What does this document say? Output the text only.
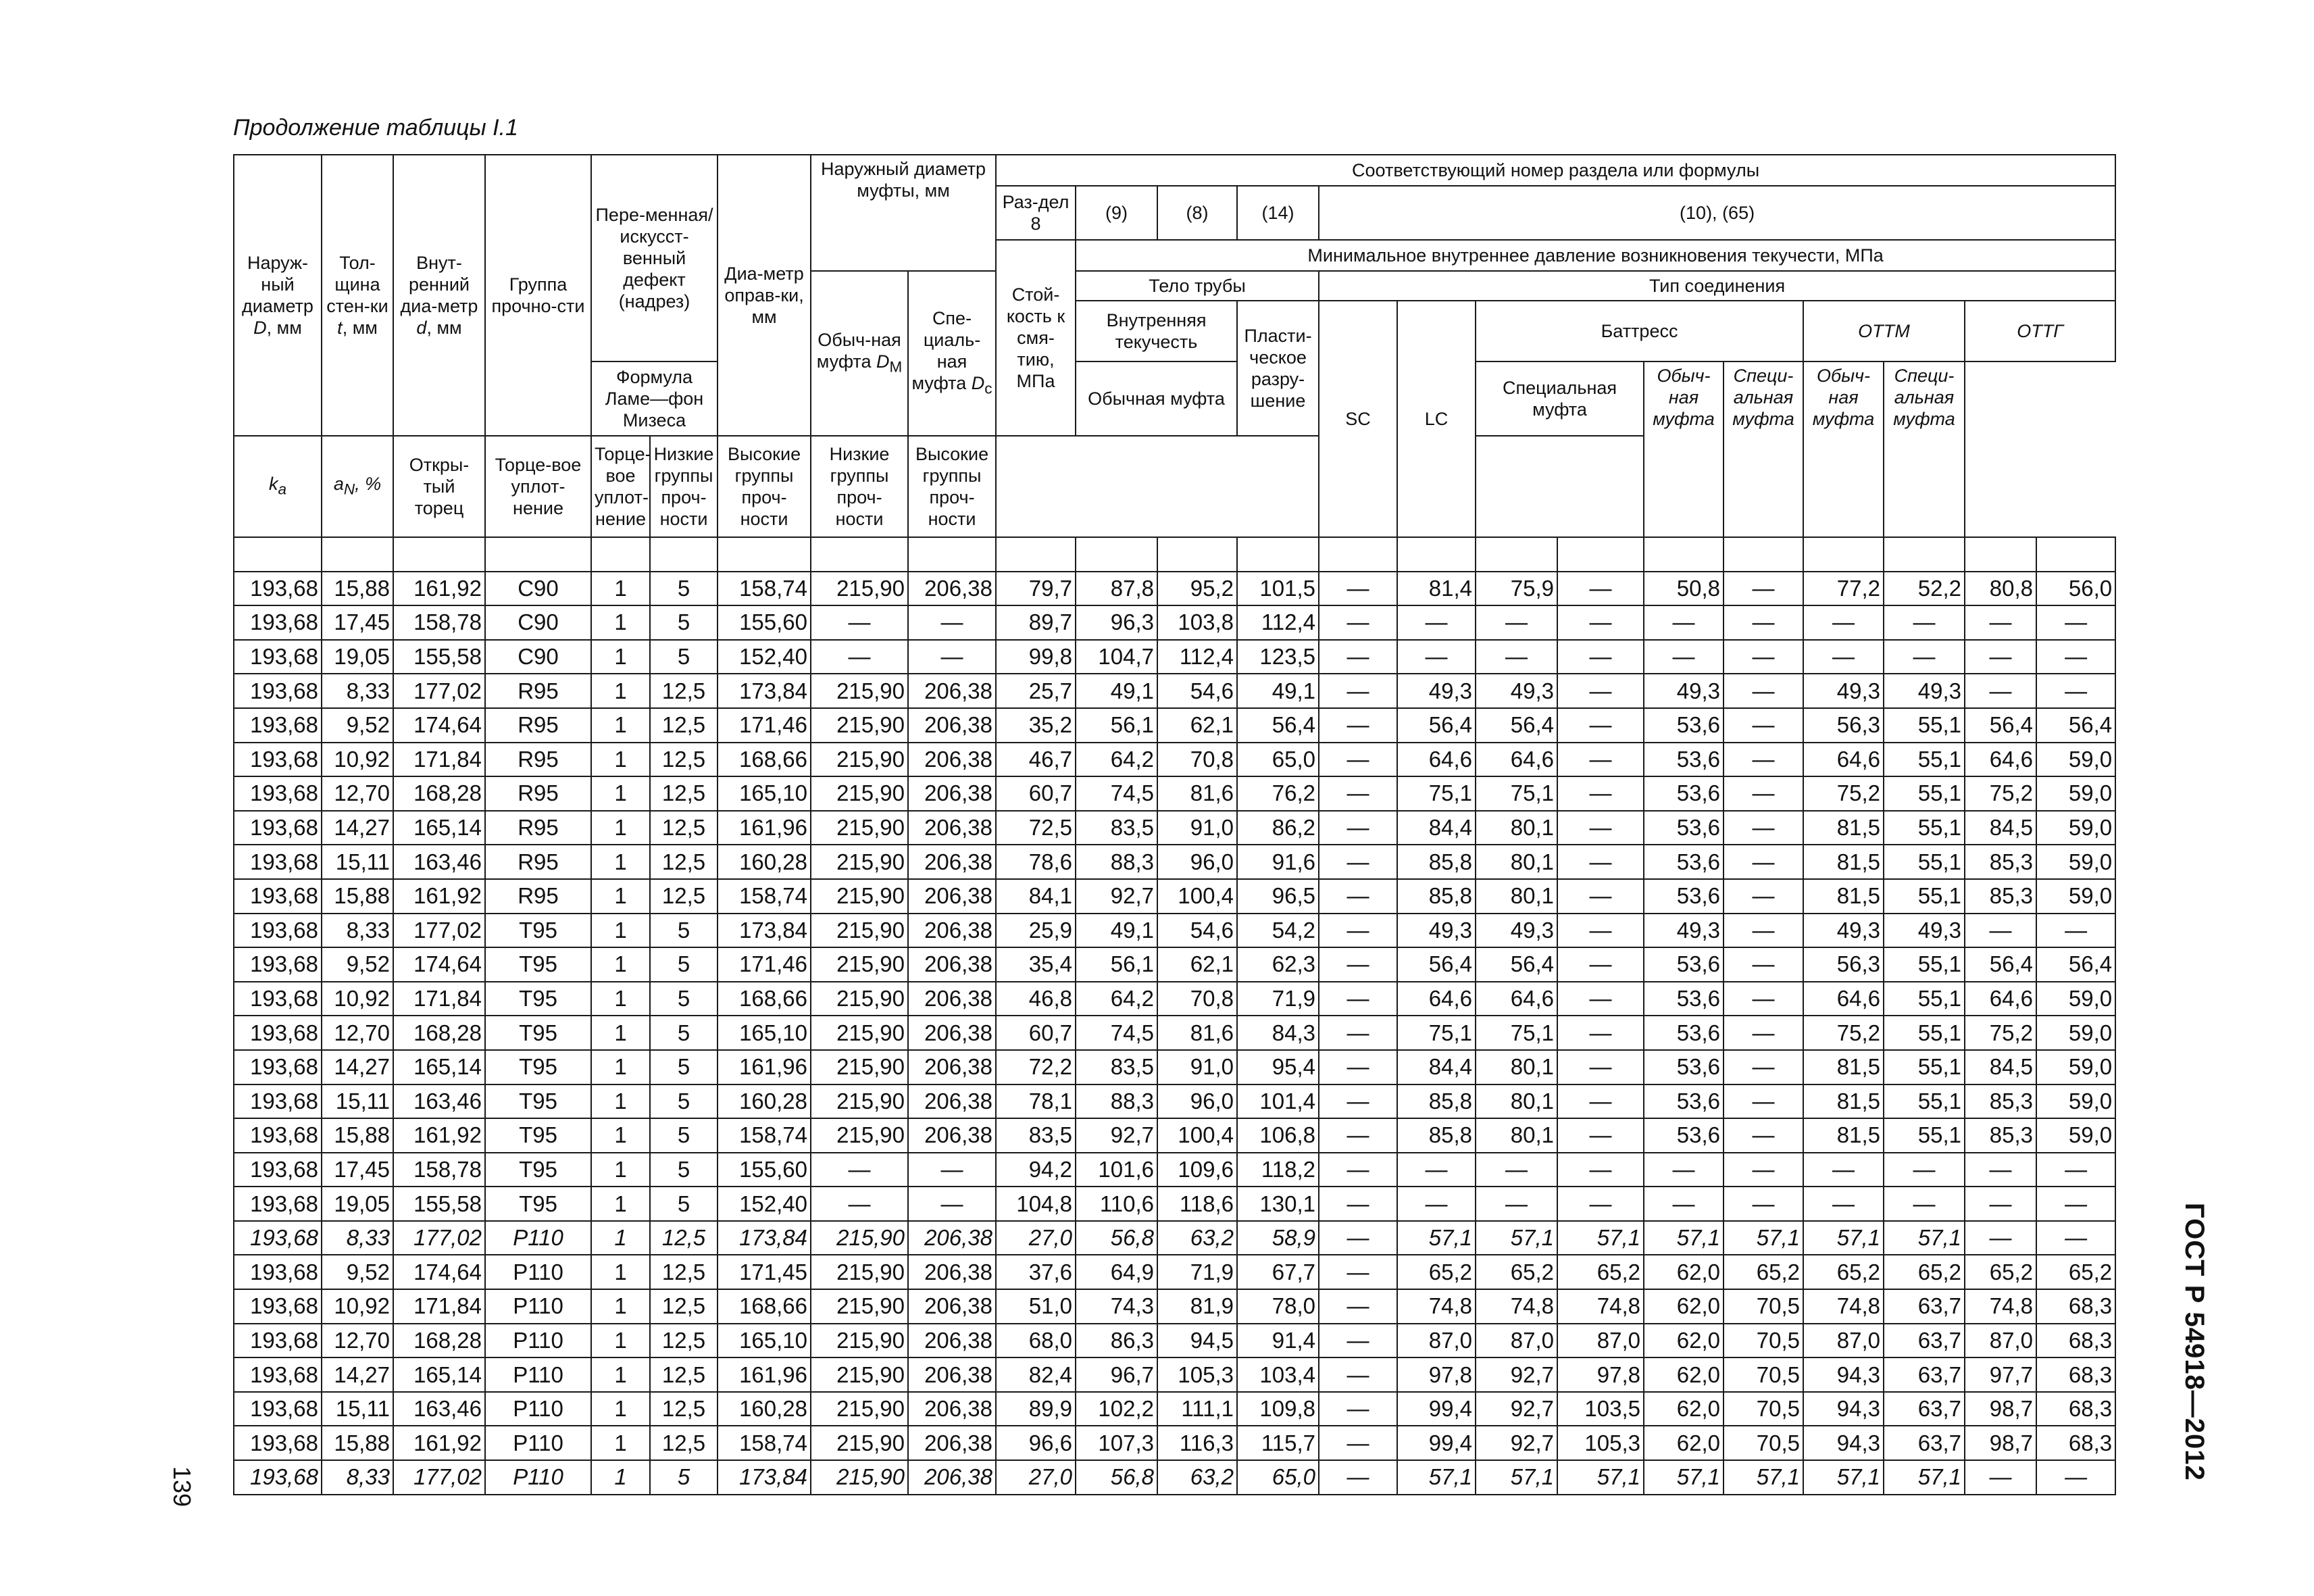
Продолжение таблицы I.1
Наруж-ный диаметр D, мм	Тол-щина стен-ки t, мм	Внут-ренний диа-метр d, мм	Группа прочно-сти	Пере-менная/ искусст-венный дефект (надрез)		Диа-метр оправ-ки, мм	Наружный диаметр муфты, мм		Соответствующий номер раздела или формулы													
									Раз-дел 8	(9)	(8)	(14)	(10), (65)									
									Стой-кость к смя-тию, МПа	Минимальное внутреннее давление возникновения текучести, МПа												
							Обыч-ная муфта $D_M$	Спе-циаль-ная муфта $D_c$		Тело трубы			Тип соединения									
										Внутренняя текучесть		Пласти-ческое разру-шение	SC	LC	Баттресс				ОТТМ		ОТТГ	
				Формула Ламе—фон Мизеса						Обычная муфта					Специальная муфта		Обыч-ная муфта	Специ-альная муфта	Обыч-ная муфта	Специ-альная муфта		
$k_a$	$a_N$, %	Откры-тый торец	Торце-вое уплот-нение	Торце-вое уплот-нение	Низкие группы проч-ности	Высокие группы проч-ности	Низкие группы проч-ности	Высокие группы проч-ности														

193,68	15,88	161,92	C90	1	5	158,74	215,90	206,38	79,7	87,8	95,2	101,5	—	81,4	75,9	—	50,8	—	77,2	52,2	80,8	56,0
193,68	17,45	158,78	C90	1	5	155,60	—	—	89,7	96,3	103,8	112,4	—	—	—	—	—	—	—	—	—	—
193,68	19,05	155,58	C90	1	5	152,40	—	—	99,8	104,7	112,4	123,5	—	—	—	—	—	—	—	—	—	—
193,68	8,33	177,02	R95	1	12,5	173,84	215,90	206,38	25,7	49,1	54,6	49,1	—	49,3	49,3	—	49,3	—	49,3	49,3	—	—
193,68	9,52	174,64	R95	1	12,5	171,46	215,90	206,38	35,2	56,1	62,1	56,4	—	56,4	56,4	—	53,6	—	56,3	55,1	56,4	56,4
193,68	10,92	171,84	R95	1	12,5	168,66	215,90	206,38	46,7	64,2	70,8	65,0	—	64,6	64,6	—	53,6	—	64,6	55,1	64,6	59,0
193,68	12,70	168,28	R95	1	12,5	165,10	215,90	206,38	60,7	74,5	81,6	76,2	—	75,1	75,1	—	53,6	—	75,2	55,1	75,2	59,0
193,68	14,27	165,14	R95	1	12,5	161,96	215,90	206,38	72,5	83,5	91,0	86,2	—	84,4	80,1	—	53,6	—	81,5	55,1	84,5	59,0
193,68	15,11	163,46	R95	1	12,5	160,28	215,90	206,38	78,6	88,3	96,0	91,6	—	85,8	80,1	—	53,6	—	81,5	55,1	85,3	59,0
193,68	15,88	161,92	R95	1	12,5	158,74	215,90	206,38	84,1	92,7	100,4	96,5	—	85,8	80,1	—	53,6	—	81,5	55,1	85,3	59,0
193,68	8,33	177,02	T95	1	5	173,84	215,90	206,38	25,9	49,1	54,6	54,2	—	49,3	49,3	—	49,3	—	49,3	49,3	—	—
193,68	9,52	174,64	T95	1	5	171,46	215,90	206,38	35,4	56,1	62,1	62,3	—	56,4	56,4	—	53,6	—	56,3	55,1	56,4	56,4
193,68	10,92	171,84	T95	1	5	168,66	215,90	206,38	46,8	64,2	70,8	71,9	—	64,6	64,6	—	53,6	—	64,6	55,1	64,6	59,0
193,68	12,70	168,28	T95	1	5	165,10	215,90	206,38	60,7	74,5	81,6	84,3	—	75,1	75,1	—	53,6	—	75,2	55,1	75,2	59,0
193,68	14,27	165,14	T95	1	5	161,96	215,90	206,38	72,2	83,5	91,0	95,4	—	84,4	80,1	—	53,6	—	81,5	55,1	84,5	59,0
193,68	15,11	163,46	T95	1	5	160,28	215,90	206,38	78,1	88,3	96,0	101,4	—	85,8	80,1	—	53,6	—	81,5	55,1	85,3	59,0
193,68	15,88	161,92	T95	1	5	158,74	215,90	206,38	83,5	92,7	100,4	106,8	—	85,8	80,1	—	53,6	—	81,5	55,1	85,3	59,0
193,68	17,45	158,78	T95	1	5	155,60	—	—	94,2	101,6	109,6	118,2	—	—	—	—	—	—	—	—	—	—
193,68	19,05	155,58	T95	1	5	152,40	—	—	104,8	110,6	118,6	130,1	—	—	—	—	—	—	—	—	—	—
193,68	8,33	177,02	P110	1	12,5	173,84	215,90	206,38	27,0	56,8	63,2	58,9	—	57,1	57,1	57,1	57,1	57,1	57,1	57,1	—	—
193,68	9,52	174,64	P110	1	12,5	171,45	215,90	206,38	37,6	64,9	71,9	67,7	—	65,2	65,2	65,2	62,0	65,2	65,2	65,2	65,2	65,2
193,68	10,92	171,84	P110	1	12,5	168,66	215,90	206,38	51,0	74,3	81,9	78,0	—	74,8	74,8	74,8	62,0	70,5	74,8	63,7	74,8	68,3
193,68	12,70	168,28	P110	1	12,5	165,10	215,90	206,38	68,0	86,3	94,5	91,4	—	87,0	87,0	87,0	62,0	70,5	87,0	63,7	87,0	68,3
193,68	14,27	165,14	P110	1	12,5	161,96	215,90	206,38	82,4	96,7	105,3	103,4	—	97,8	92,7	97,8	62,0	70,5	94,3	63,7	97,7	68,3
193,68	15,11	163,46	P110	1	12,5	160,28	215,90	206,38	89,9	102,2	111,1	109,8	—	99,4	92,7	103,5	62,0	70,5	94,3	63,7	98,7	68,3
193,68	15,88	161,92	P110	1	12,5	158,74	215,90	206,38	96,6	107,3	116,3	115,7	—	99,4	92,7	105,3	62,0	70,5	94,3	63,7	98,7	68,3
193,68	8,33	177,02	P110	1	5	173,84	215,90	206,38	27,0	56,8	63,2	65,0	—	57,1	57,1	57,1	57,1	57,1	57,1	57,1	—	—
139
ГОСТ Р 54918—2012
